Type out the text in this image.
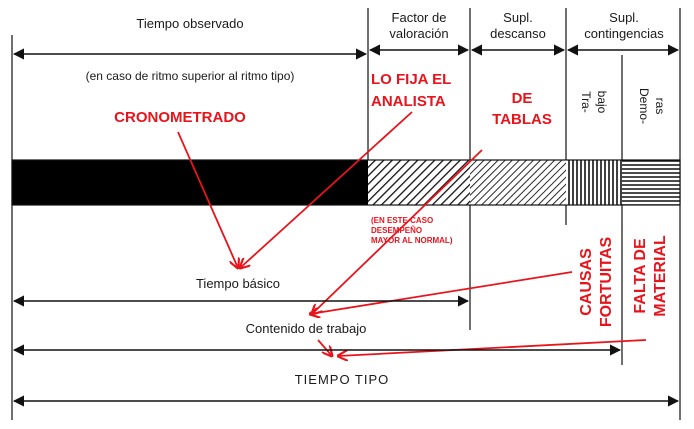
Tiempo observado	Factor de
valoración
Supl.
descanso
Supl.
contingencias
(en caso de ritmo superior al ritmo tipo)
Tra- bajo Demo- ras
CRONOMETRADO
LO FIJA EL
ANALISTA	DE
TABLAS
(EN ESTE CASO
DESEMPEÑO
MAYOR AL NORMAL)
CAUSAS FORTUITAS FALTA DE MATERIAL
Tiempo básico
Contenido de trabajo
TIEMPO TIPO
